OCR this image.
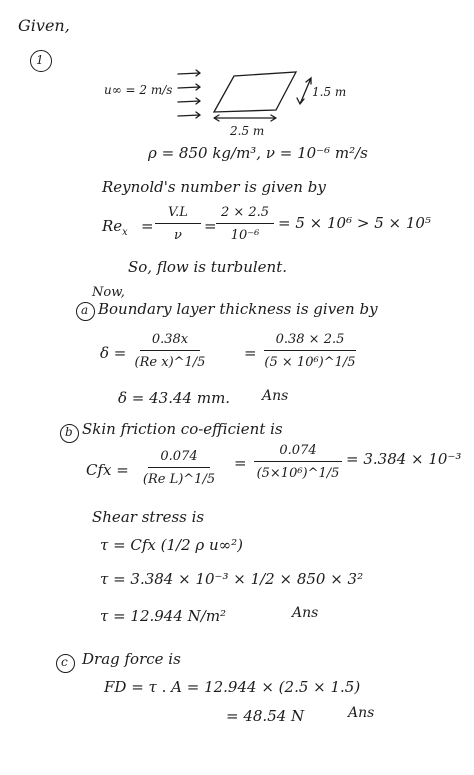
Given,
1
u∞ = 2 m/s	1.5 m
2.5 m
ρ = 850 kg/m³, ν = 10⁻⁶ m²/s
Reynold's number is given by
$Re_x$ =
V.L
ν
=
2 × 2.5
10⁻⁶
= 5 × 10⁶ > 5 × 10⁵
So, flow is turbulent.
Now,
a Boundary layer thickness is given by
δ =
0.38x
(Re x)^1/5
=
0.38 × 2.5
(5 × 10⁶)^1/5
δ = 43.44 mm. Ans
b Skin friction co-efficient is
Cfx =
0.074
(Re L)^1/5
=
0.074
(5×10⁶)^1/5
= 3.384 × 10⁻³
Shear stress is
τ = Cfx (1/2 ρ u∞²)
τ = 3.384 × 10⁻³ × 1/2 × 850 × 3²
τ = 12.944 N/m²	Ans
c Drag force is
FD = τ . A = 12.944 × (2.5 × 1.5)
= 48.54 N	Ans
